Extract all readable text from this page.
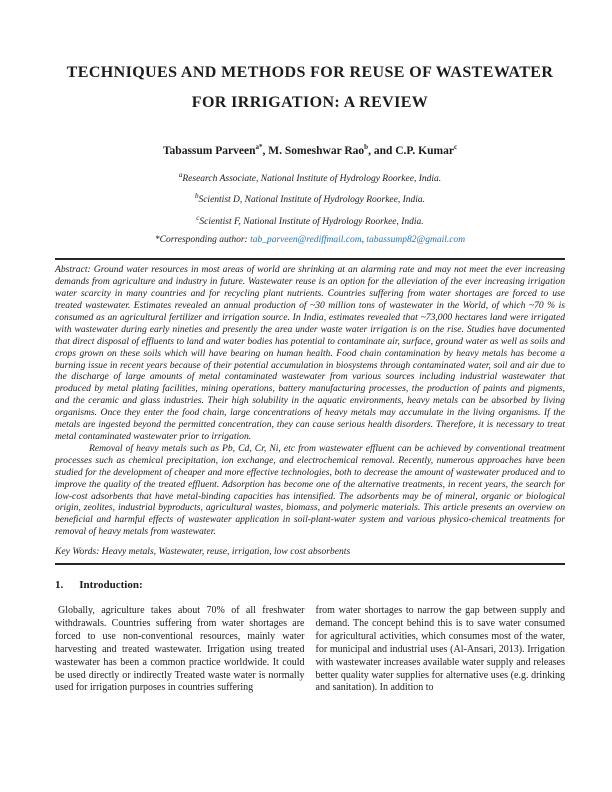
TECHNIQUES AND METHODS FOR REUSE OF WASTEWATER
FOR IRRIGATION: A REVIEW

Tabassum Parveen$^{a*}$, M. Someshwar Rao$^b$, and C.P. Kumar$^c$

$^a$Research Associate, National Institute of Hydrology Roorkee, India.

$^b$Scientist D, National Institute of Hydrology Roorkee, India.

$^c$Scientist F, National Institute of Hydrology Roorkee, India.

*Corresponding author: tab_parveen@rediffmail.com, tabassump82@gmail.com

Abstract: Ground water resources in most areas of world are shrinking at an alarming rate and may not meet the ever increasing demands from agriculture and industry in future. Wastewater reuse is an option for the alleviation of the ever increasing irrigation water scarcity in many countries and for recycling plant nutrients. Countries suffering from water shortages are forced to use treated wastewater. Estimates revealed an annual production of ~30 million tons of wastewater in the World, of which ~70 % is consumed as an agricultural fertilizer and irrigation source. In India, estimates revealed that ~73,000 hectares land were irrigated with wastewater during early nineties and presently the area under waste water irrigation is on the rise. Studies have documented that direct disposal of effluents to land and water bodies has potential to contaminate air, surface, ground water as well as soils and crops grown on these soils which will have bearing on human health. Food chain contamination by heavy metals has become a burning issue in recent years because of their potential accumulation in biosystems through contaminated water, soil and air due to the discharge of large amounts of metal contaminated wastewater from various sources including industrial wastewater that produced by metal plating facilities, mining operations, battery manufacturing processes, the production of paints and pigments, and the ceramic and glass industries. Their high solubility in the aquatic environments, heavy metals can be absorbed by living organisms. Once they enter the food chain, large concentrations of heavy metals may accumulate in the living organisms. If the metals are ingested beyond the permitted concentration, they can cause serious health disorders. Therefore, it is necessary to treat metal contaminated wastewater prior to irrigation.

Removal of heavy metals such as Pb, Cd, Cr, Ni, etc from wastewater effluent can be achieved by conventional treatment processes such as chemical precipitation, ion exchange, and electrochemical removal. Recently, numerous approaches have been studied for the development of cheaper and more effective technologies, both to decrease the amount of wastewater produced and to improve the quality of the treated effluent. Adsorption has become one of the alternative treatments, in recent years, the search for low-cost adsorbents that have metal-binding capacities has intensified. The adsorbents may be of mineral, organic or biological origin, zeolites, industrial byproducts, agricultural wastes, biomass, and polymeric materials. This article presents an overview on beneficial and harmful effects of wastewater application in soil-plant-water system and various physico-chemical treatments for removal of heavy metals from wastewater.

Key Words: Heavy metals, Wastewater, reuse, irrigation, low cost absorbents

1. Introduction:

Globally, agriculture takes about 70% of all freshwater withdrawals. Countries suffering from water shortages are forced to use non-conventional resources, mainly water harvesting and treated wastewater. Irrigation using treated wastewater has been a common practice worldwide. It could be used directly or indirectly Treated waste water is normally used for irrigation purposes in countries suffering

from water shortages to narrow the gap between supply and demand. The concept behind this is to save water consumed for agricultural activities, which consumes most of the water, for municipal and industrial uses (Al-Ansari, 2013). Irrigation with wastewater increases available water supply and releases better quality water supplies for alternative uses (e.g. drinking and sanitation). In addition to
